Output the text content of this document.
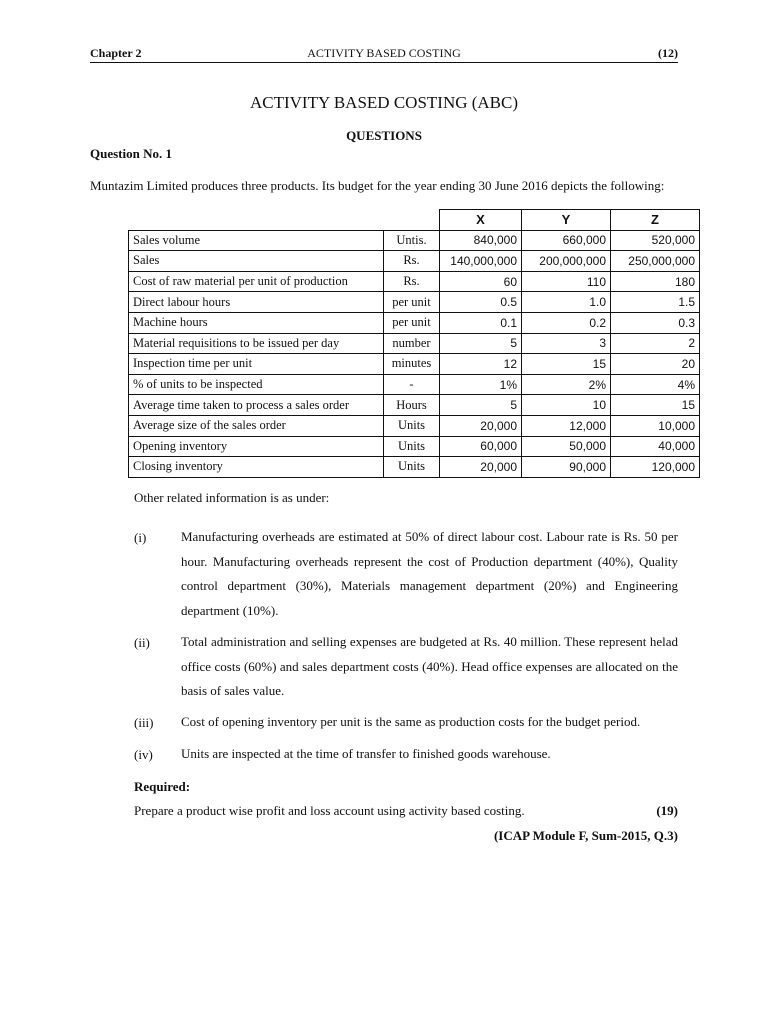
Chapter 2	ACTIVITY BASED COSTING	(12)
ACTIVITY BASED COSTING (ABC)
QUESTIONS
Question No. 1
Muntazim Limited produces three products. Its budget for the year ending 30 June 2016 depicts the following:
		X	Y	Z
Sales volume	Untis.	840,000	660,000	520,000
Sales	Rs.	140,000,000	200,000,000	250,000,000
Cost of raw material per unit of production	Rs.	60	110	180
Direct labour hours	per unit	0.5	1.0	1.5
Machine hours	per unit	0.1	0.2	0.3
Material requisitions to be issued per day	number	5	3	2
Inspection time per unit	minutes	12	15	20
% of units to be inspected	-	1%	2%	4%
Average time taken to process a sales order	Hours	5	10	15
Average size of the sales order	Units	20,000	12,000	10,000
Opening inventory	Units	60,000	50,000	40,000
Closing inventory	Units	20,000	90,000	120,000
Other related information is as under:
(i)	Manufacturing overheads are estimated at 50% of direct labour cost. Labour rate is Rs. 50 per hour. Manufacturing overheads represent the cost of Production department (40%), Quality control department (30%), Materials management department (20%) and Engineering department (10%).
(ii) Total administration and selling expenses are budgeted at Rs. 40 million. These represent helad office costs (60%) and sales department costs (40%). Head office expenses are allocated on the basis of sales value.
(iii) Cost of opening inventory per unit is the same as production costs for the budget period.
(iv) Units are inspected at the time of transfer to finished goods warehouse.
Required:
Prepare a product wise profit and loss account using activity based costing.	(19)
(ICAP Module F, Sum-2015, Q.3)
